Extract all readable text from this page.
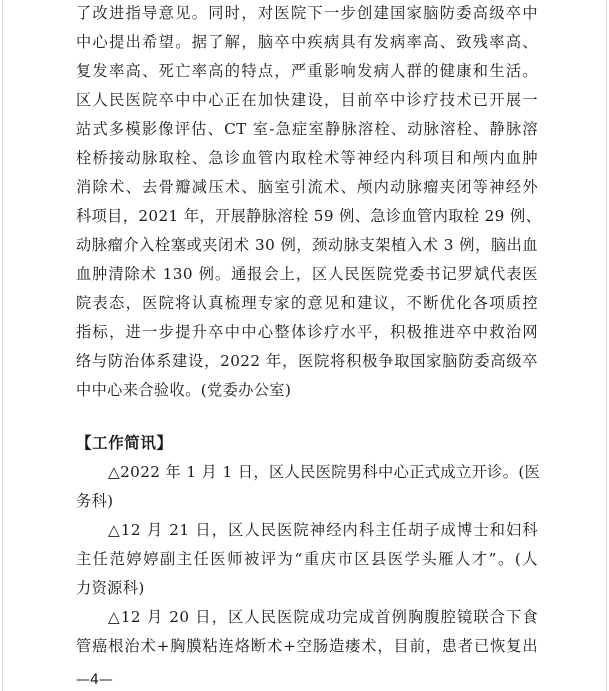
了改进指导意见。同时，对医院下一步创建国家脑防委高级卒中
中心提出希望。据了解，脑卒中疾病具有发病率高、致残率高、
复发率高、死亡率高的特点，严重影响发病人群的健康和生活。
区人民医院卒中中心正在加快建设，目前卒中诊疗技术已开展一
站式多模影像评估、CT 室-急症室静脉溶栓、动脉溶栓、静脉溶
栓桥接动脉取栓、急诊血管内取栓术等神经内科项目和颅内血肿
消除术、去骨瓣减压术、脑室引流术、颅内动脉瘤夹闭等神经外
科项目，2021 年，开展静脉溶栓 59 例、急诊血管内取栓 29 例、
动脉瘤介入栓塞或夹闭术 30 例，颈动脉支架植入术 3 例，脑出血
血肿清除术 130 例。通报会上，区人民医院党委书记罗斌代表医
院表态，医院将认真梳理专家的意见和建议，不断优化各项质控
指标，进一步提升卒中中心整体诊疗水平，积极推进卒中救治网
络与防治体系建设，2022 年，医院将积极争取国家脑防委高级卒
中中心来合验收。(党委办公室)
【工作简讯】
△2022 年 1 月 1 日，区人民医院男科中心正式成立开诊。(医
务科)
△12 月 21 日，区人民医院神经内科主任胡子成博士和妇科
主任范婷婷副主任医师被评为“重庆市区县医学头雁人才”。(人
力资源科)
△12 月 20 日，区人民医院成功完成首例胸腹腔镜联合下食
管癌根治术+胸膜粘连烙断术+空肠造瘘术，目前，患者已恢复出
—4—
